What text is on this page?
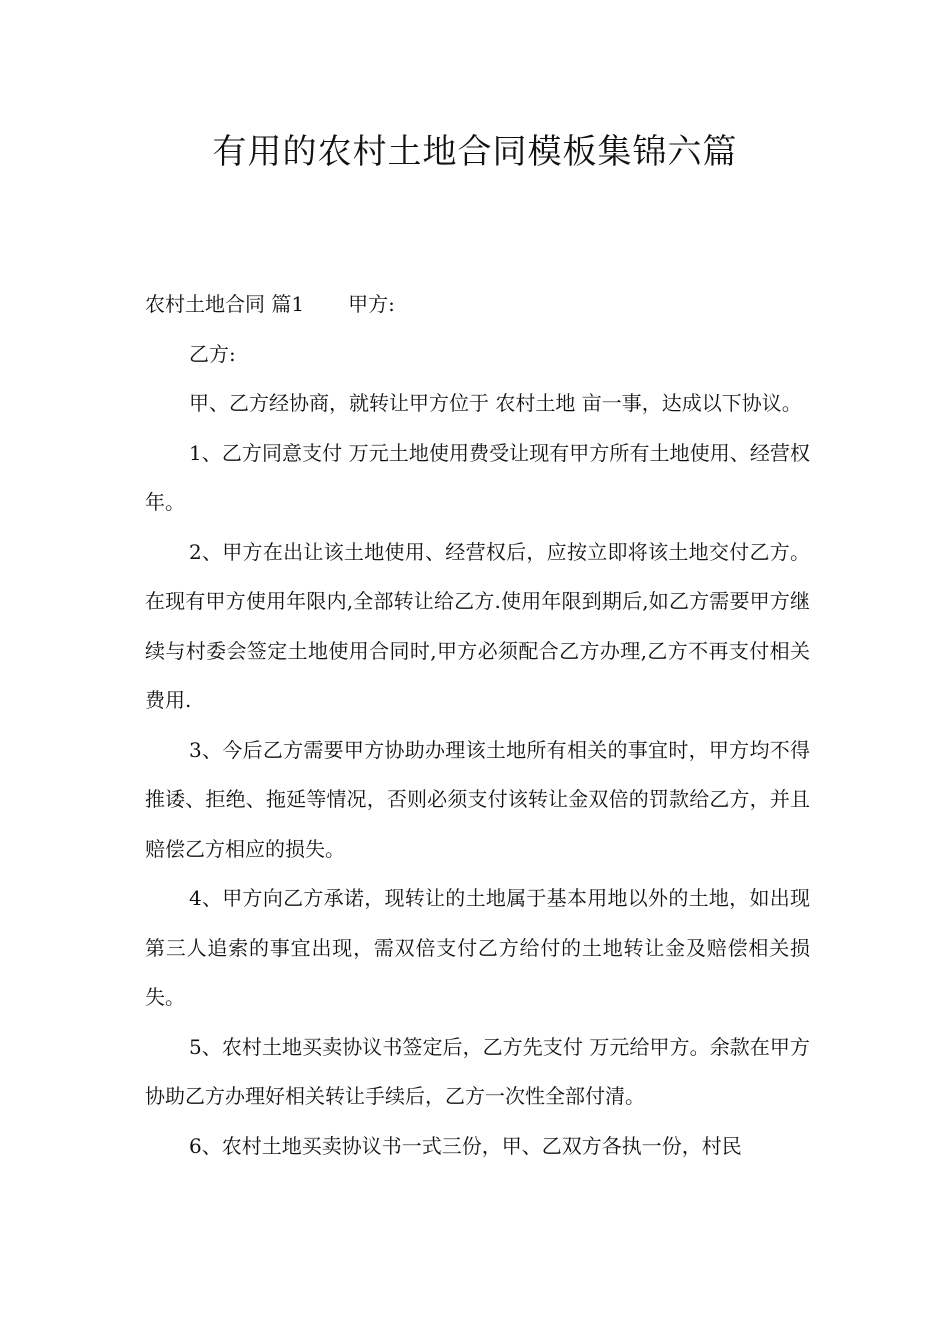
有用的农村土地合同模板集锦六篇

农村土地合同 篇1 甲方:

乙方:

甲、乙方经协商，就转让甲方位于 农村土地 亩一事，达成以下协议。

1、乙方同意支付 万元土地使用费受让现有甲方所有土地使用、经营权 年。

2、甲方在出让该土地使用、经营权后，应按立即将该土地交付乙方。在现有甲方使用年限内,全部转让给乙方.使用年限到期后,如乙方需要甲方继续与村委会签定土地使用合同时,甲方必须配合乙方办理,乙方不再支付相关费用.

3、今后乙方需要甲方协助办理该土地所有相关的事宜时，甲方均不得推诿、拒绝、拖延等情况，否则必须支付该转让金双倍的罚款给乙方，并且赔偿乙方相应的损失。

4、甲方向乙方承诺，现转让的土地属于基本用地以外的土地，如出现第三人追索的事宜出现，需双倍支付乙方给付的土地转让金及赔偿相关损失。

5、农村土地买卖协议书签定后，乙方先支付 万元给甲方。余款在甲方协助乙方办理好相关转让手续后，乙方一次性全部付清。

6、农村土地买卖协议书一式三份，甲、乙双方各执一份，村民
